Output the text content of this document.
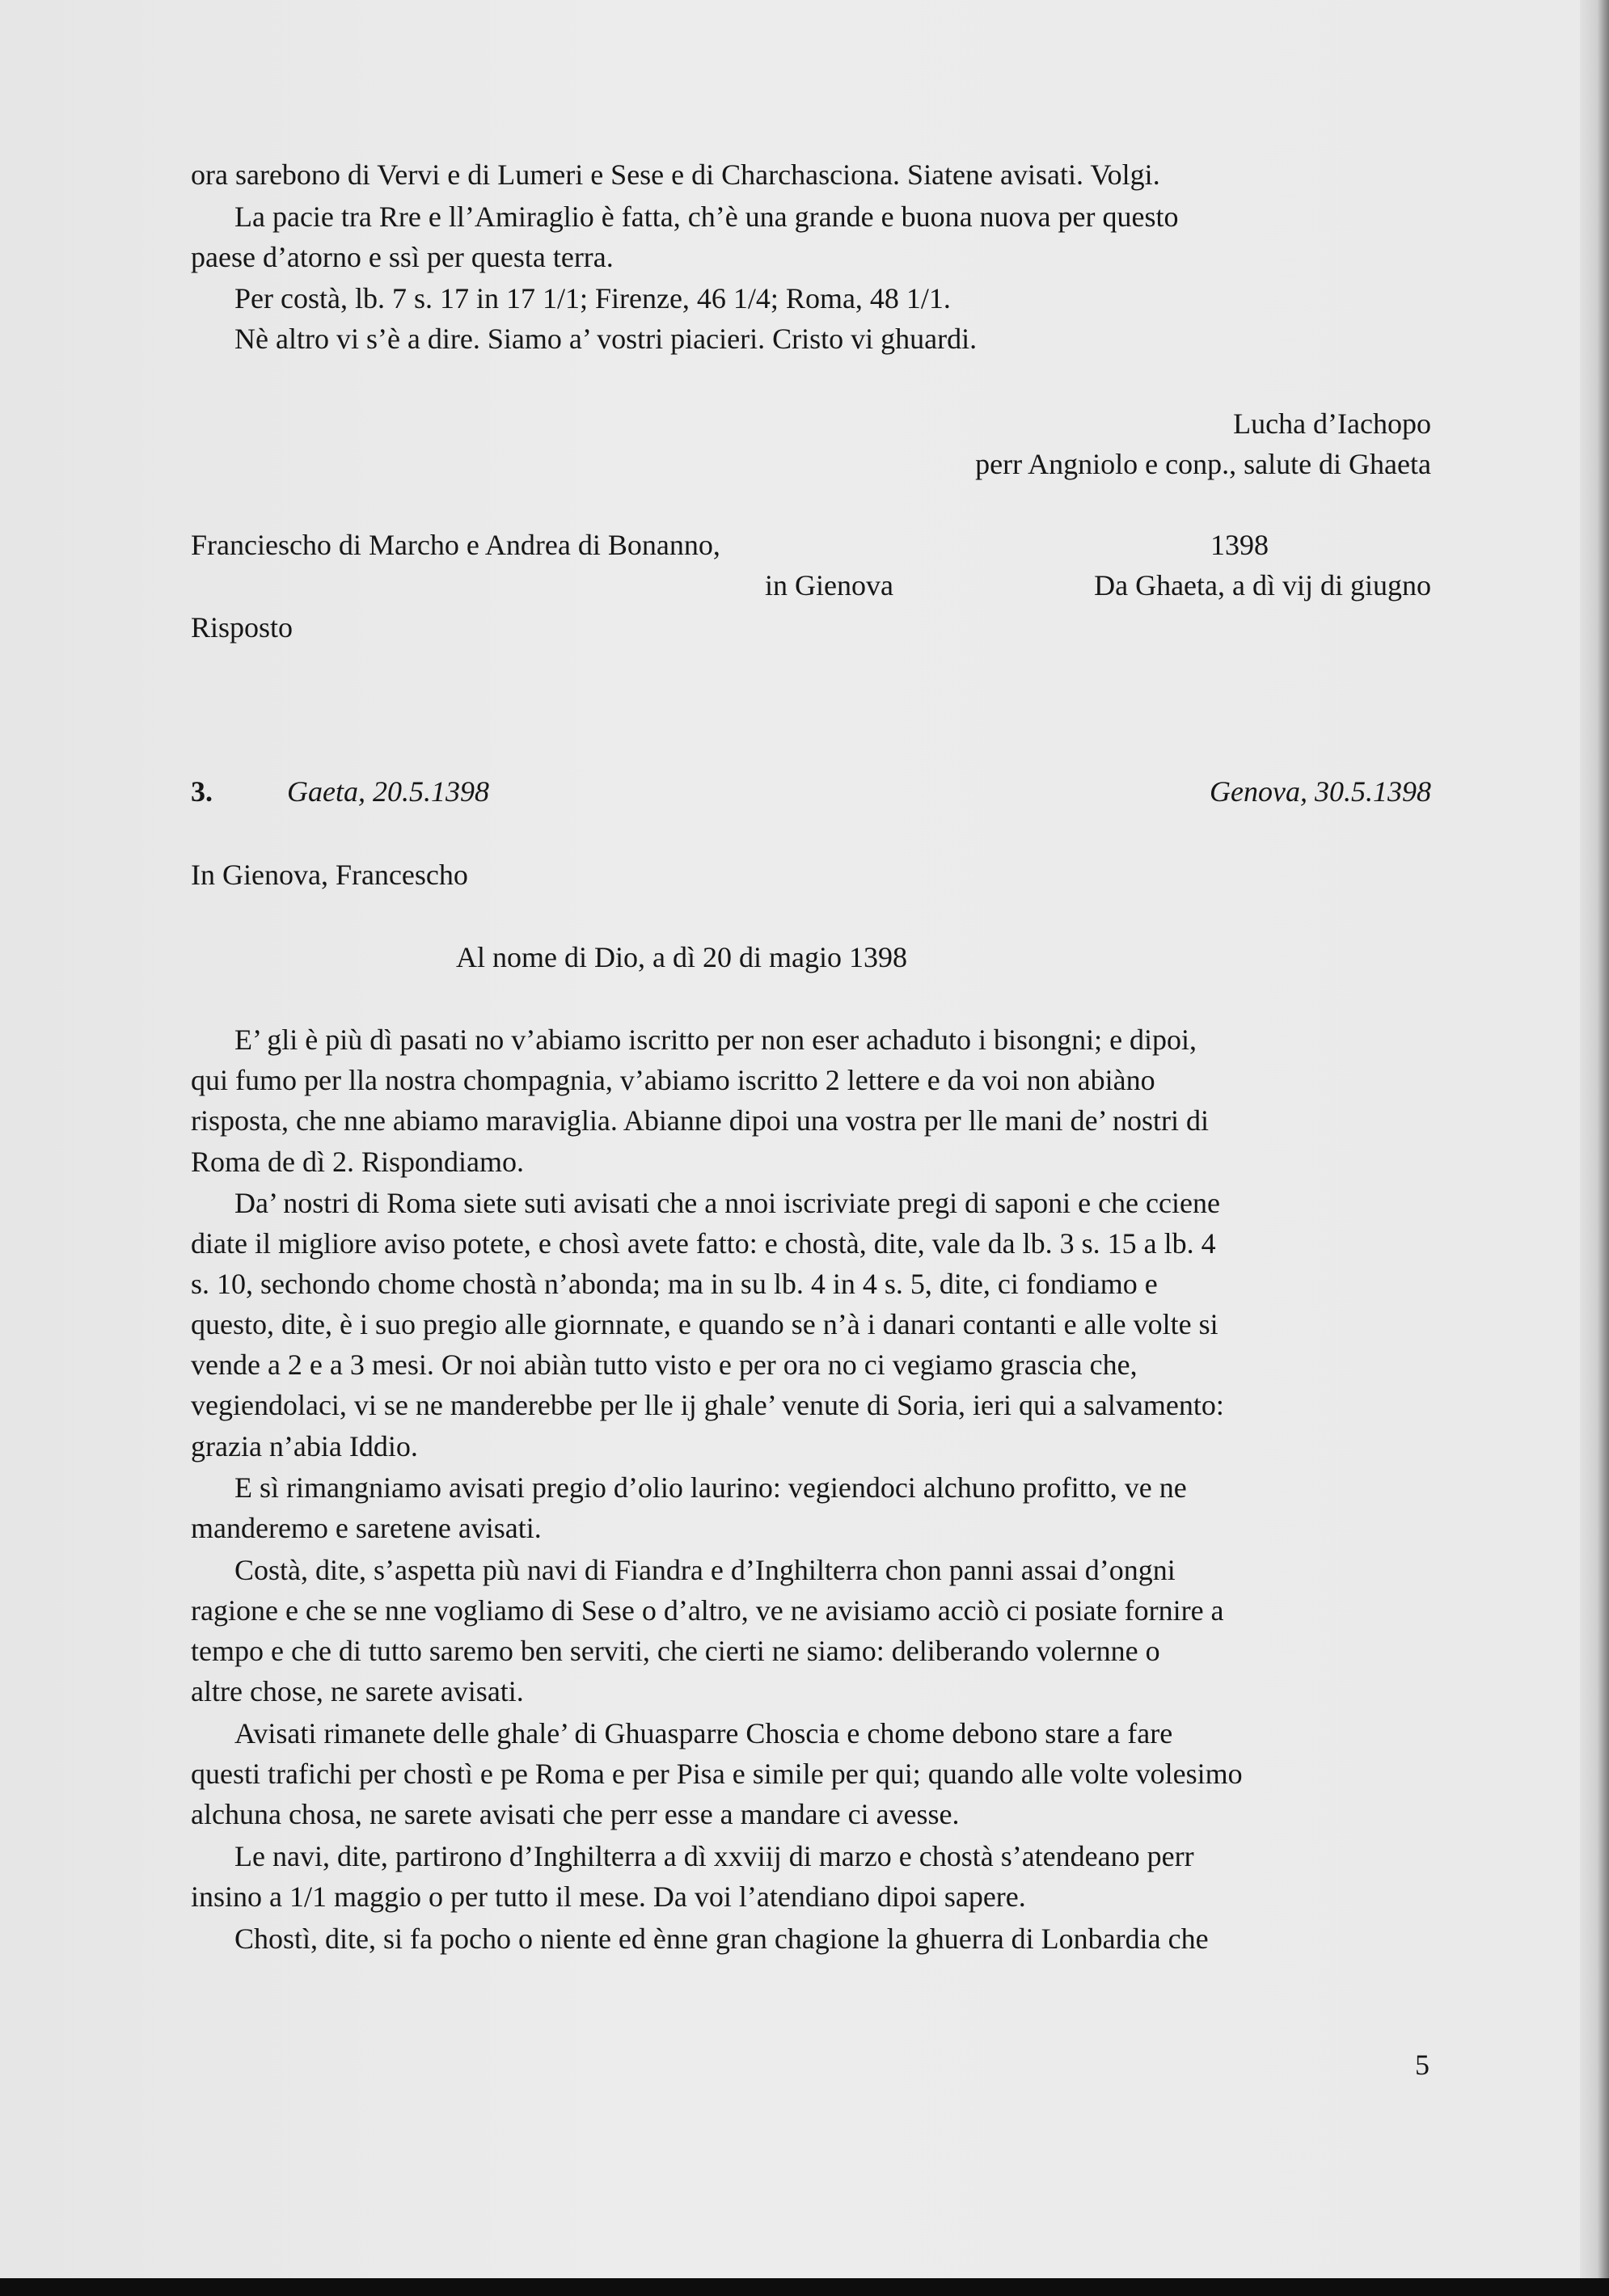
ora sarebono di Vervi e di Lumeri e Sese e di Charchasciona. Siatene avisati. Volgi.
La pacie tra Rre e ll’Amiraglio è fatta, ch’è una grande e buona nuova per questo
paese d’atorno e ssì per questa terra.
Per costà, lb. 7 s. 17 in 17 1/1; Firenze, 46 1/4; Roma, 48 1/1.
Nè altro vi s’è a dire. Siamo a’ vostri piacieri. Cristo vi ghuardi.
Lucha d’Iachopo
perr Angniolo e conp., salute di Ghaeta
Franciescho di Marcho e Andrea di Bonanno,	1398
in Gienova	Da Ghaeta, a dì vij di giugno
Risposto
3.	Gaeta, 20.5.1398	Genova, 30.5.1398
In Gienova, Francescho
Al nome di Dio, a dì 20 di magio 1398
E’ gli è più dì pasati no v’abiamo iscritto per non eser achaduto i bisongni; e dipoi,
qui fumo per lla nostra chompagnia, v’abiamo iscritto 2 lettere e da voi non abiàno
risposta, che nne abiamo maraviglia. Abianne dipoi una vostra per lle mani de’ nostri di
Roma de dì 2. Rispondiamo.
Da’ nostri di Roma siete suti avisati che a nnoi iscriviate pregi di saponi e che cciene
diate il migliore aviso potete, e chosì avete fatto: e chostà, dite, vale da lb. 3 s. 15 a lb. 4
s. 10, sechondo chome chostà n’abonda; ma in su lb. 4 in 4 s. 5, dite, ci fondiamo e
questo, dite, è i suo pregio alle giornnate, e quando se n’à i danari contanti e alle volte si
vende a 2 e a 3 mesi. Or noi abiàn tutto visto e per ora no ci vegiamo grascia che,
vegiendolaci, vi se ne manderebbe per lle ij ghale’ venute di Soria, ieri qui a salvamento:
grazia n’abia Iddio.
E sì rimangniamo avisati pregio d’olio laurino: vegiendoci alchuno profitto, ve ne
manderemo e saretene avisati.
Costà, dite, s’aspetta più navi di Fiandra e d’Inghilterra chon panni assai d’ongni
ragione e che se nne vogliamo di Sese o d’altro, ve ne avisiamo acciò ci posiate fornire a
tempo e che di tutto saremo ben serviti, che cierti ne siamo: deliberando volernne o
altre chose, ne sarete avisati.
Avisati rimanete delle ghale’ di Ghuasparre Choscia e chome debono stare a fare
questi trafichi per chostì e pe Roma e per Pisa e simile per qui; quando alle volte volesimo
alchuna chosa, ne sarete avisati che perr esse a mandare ci avesse.
Le navi, dite, partirono d’Inghilterra a dì xxviij di marzo e chostà s’atendeano perr
insino a 1/1 maggio o per tutto il mese. Da voi l’atendiano dipoi sapere.
Chostì, dite, si fa pocho o niente ed ènne gran chagione la ghuerra di Lonbardia che
5
